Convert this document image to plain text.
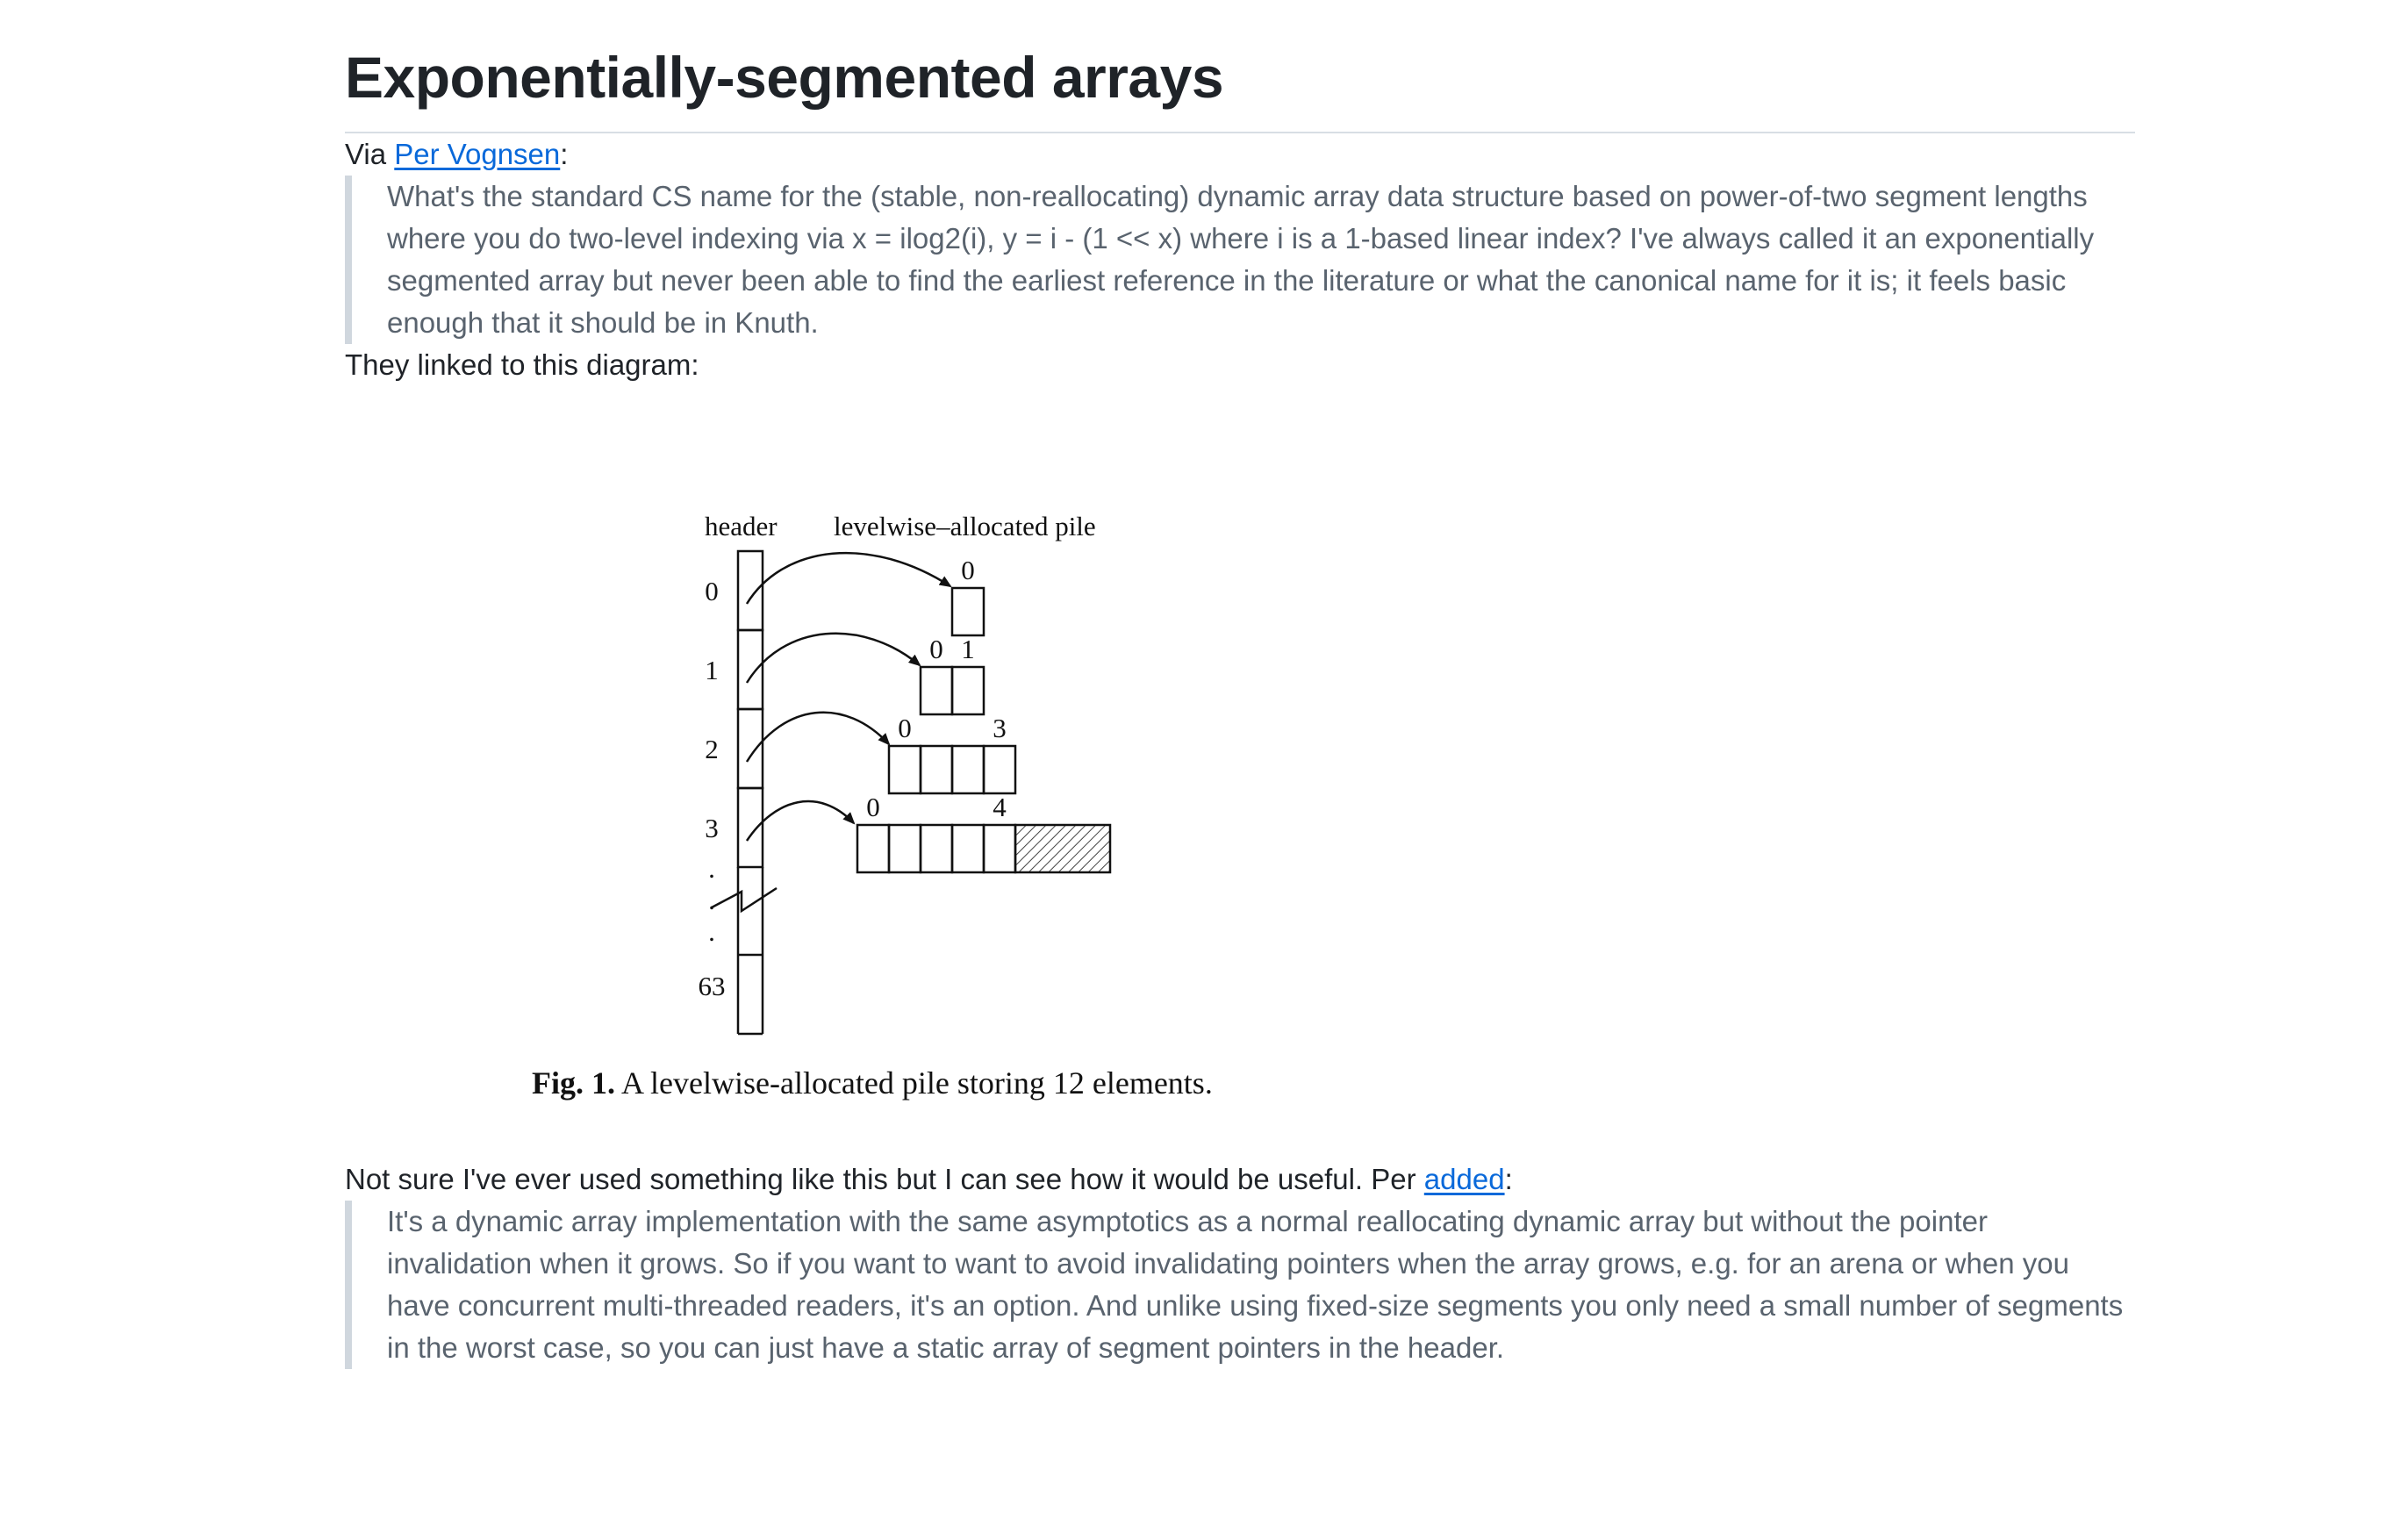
Exponentially-segmented arrays

Via Per Vognsen:

What's the standard CS name for the (stable, non-reallocating) dynamic array data structure based on power-of-two segment lengths where you do two-level indexing via x = ilog2(i), y = i - (1 << x) where i is a 1-based linear index? I've always called it an exponentially segmented array but never been able to find the earliest reference in the literature or what the canonical name for it is; it feels basic enough that it should be in Knuth.

They linked to this diagram:

header levelwise–allocated pile
0
1
2
3
.
.
.
63
0
0 1
0	3
0	4
Fig. 1. A levelwise-allocated pile storing 12 elements.

Not sure I've ever used something like this but I can see how it would be useful. Per added:

It's a dynamic array implementation with the same asymptotics as a normal reallocating dynamic array but without the pointer invalidation when it grows. So if you want to want to avoid invalidating pointers when the array grows, e.g. for an arena or when you have concurrent multi-threaded readers, it's an option. And unlike using fixed-size segments you only need a small number of segments in the worst case, so you can just have a static array of segment pointers in the header.
